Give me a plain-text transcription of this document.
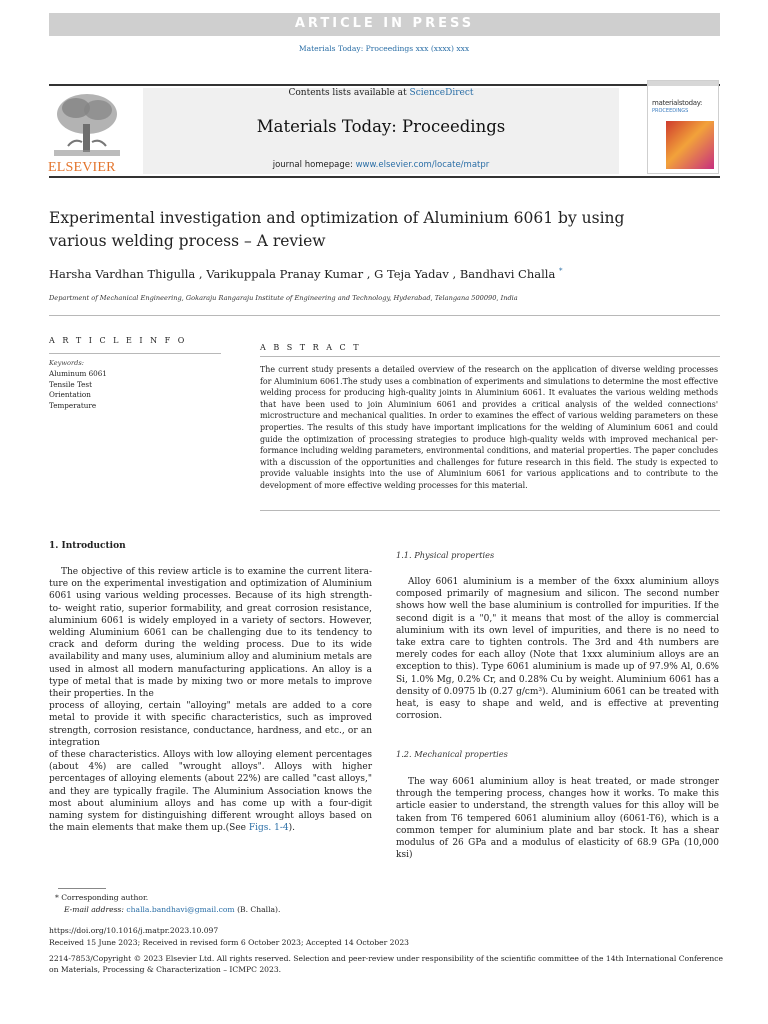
ARTICLE IN PRESS
Materials Today: Proceedings xxx (xxxx) xxx
ELSEVIER
Contents lists available at ScienceDirect
Materials Today: Proceedings
journal homepage: www.elsevier.com/locate/matpr
materialstoday:
PROCEEDINGS
Experimental investigation and optimization of Aluminium 6061 by using various welding process – A review
Harsha Vardhan Thigulla , Varikuppala Pranay Kumar , G Teja Yadav , Bandhavi Challa *
Department of Mechanical Engineering, Gokaraju Rangaraju Institute of Engineering and Technology, Hyderabad, Telangana 500090, India
A R T I C L E I N F O
Keywords:
Aluminum 6061
Tensile Test
Orientation
Temperature
A B S T R A C T
The current study presents a detailed overview of the research on the application of diverse welding processes for Aluminium 6061.The study uses a combination of experiments and simulations to determine the most effective welding process for producing high-quality joints in Aluminium 6061. It evaluates the various welding methods that have been used to join Aluminium 6061 and provides a critical analysis of the welded connections' microstructure and mechanical qualities. In order to examines the effect of various welding parameters on these properties. The results of this study have important implications for the welding of Aluminium 6061 and could guide the optimization of processing strategies to produce high-quality welds with improved mechanical per- formance including welding parameters, environmental conditions, and material properties. The paper concludes with a discussion of the opportunities and challenges for future research in this field. The study is expected to provide valuable insights into the use of Aluminium 6061 for various applications and to contribute to the development of more effective welding processes for this material.
1. Introduction

The objective of this review article is to examine the current litera- ture on the experimental investigation and optimization of Aluminium 6061 using various welding processes. Because of its high strength-to- weight ratio, superior formability, and great corrosion resistance, aluminium 6061 is widely employed in a variety of sectors. However, welding Aluminium 6061 can be challenging due to its tendency to crack and deform during the welding process. Due to its wide availability and many uses, aluminium alloy and aluminium metals are used in almost all modern manufacturing applications. An alloy is a type of metal that is made by mixing two or more metals to improve their properties. In the

process of alloying, certain "alloying" metals are added to a core metal to provide it with specific characteristics, such as improved strength, corrosion resistance, conductance, hardness, and etc., or an integration

of these characteristics. Alloys with low alloying element percentages (about 4%) are called "wrought alloys". Alloys with higher percentages of alloying elements (about 22%) are called "cast alloys," and they are typically fragile. The Aluminium Association knows the most about aluminium alloys and has come up with a four-digit naming system for distinguishing different wrought alloys based on the main elements that make them up.(See Figs. 1-4).

1.1. Physical properties
Alloy 6061 aluminium is a member of the 6xxx aluminium alloys composed primarily of magnesium and silicon. The second number shows how well the base aluminium is controlled for impurities. If the second digit is a "0," it means that most of the alloy is commercial aluminium with its own level of impurities, and there is no need to take extra care to tighten controls. The 3rd and 4th numbers are merely codes for each alloy (Note that 1xxx aluminium alloys are an exception to this). Type 6061 aluminium is made up of 97.9% Al, 0.6% Si, 1.0% Mg, 0.2% Cr, and 0.28% Cu by weight. Aluminium 6061 has a density of 0.0975 lb (0.27 g/cm³). Aluminium 6061 can be treated with heat, is easy to shape and weld, and is effective at preventing corrosion.
1.2. Mechanical properties
The way 6061 aluminium alloy is heat treated, or made stronger through the tempering process, changes how it works. To make this article easier to understand, the strength values for this alloy will be taken from T6 tempered 6061 aluminium alloy (6061-T6), which is a common temper for aluminium plate and bar stock. It has a shear modulus of 26 GPa and a modulus of elasticity of 68.9 GPa (10,000 ksi)
* Corresponding author.
E-mail address: challa.bandhavi@gmail.com (B. Challa).
https://doi.org/10.1016/j.matpr.2023.10.097
Received 15 June 2023; Received in revised form 6 October 2023; Accepted 14 October 2023
2214-7853/Copyright © 2023 Elsevier Ltd. All rights reserved. Selection and peer-review under responsibility of the scientific committee of the 14th International Conference on Materials, Processing & Characterization – ICMPC 2023.
